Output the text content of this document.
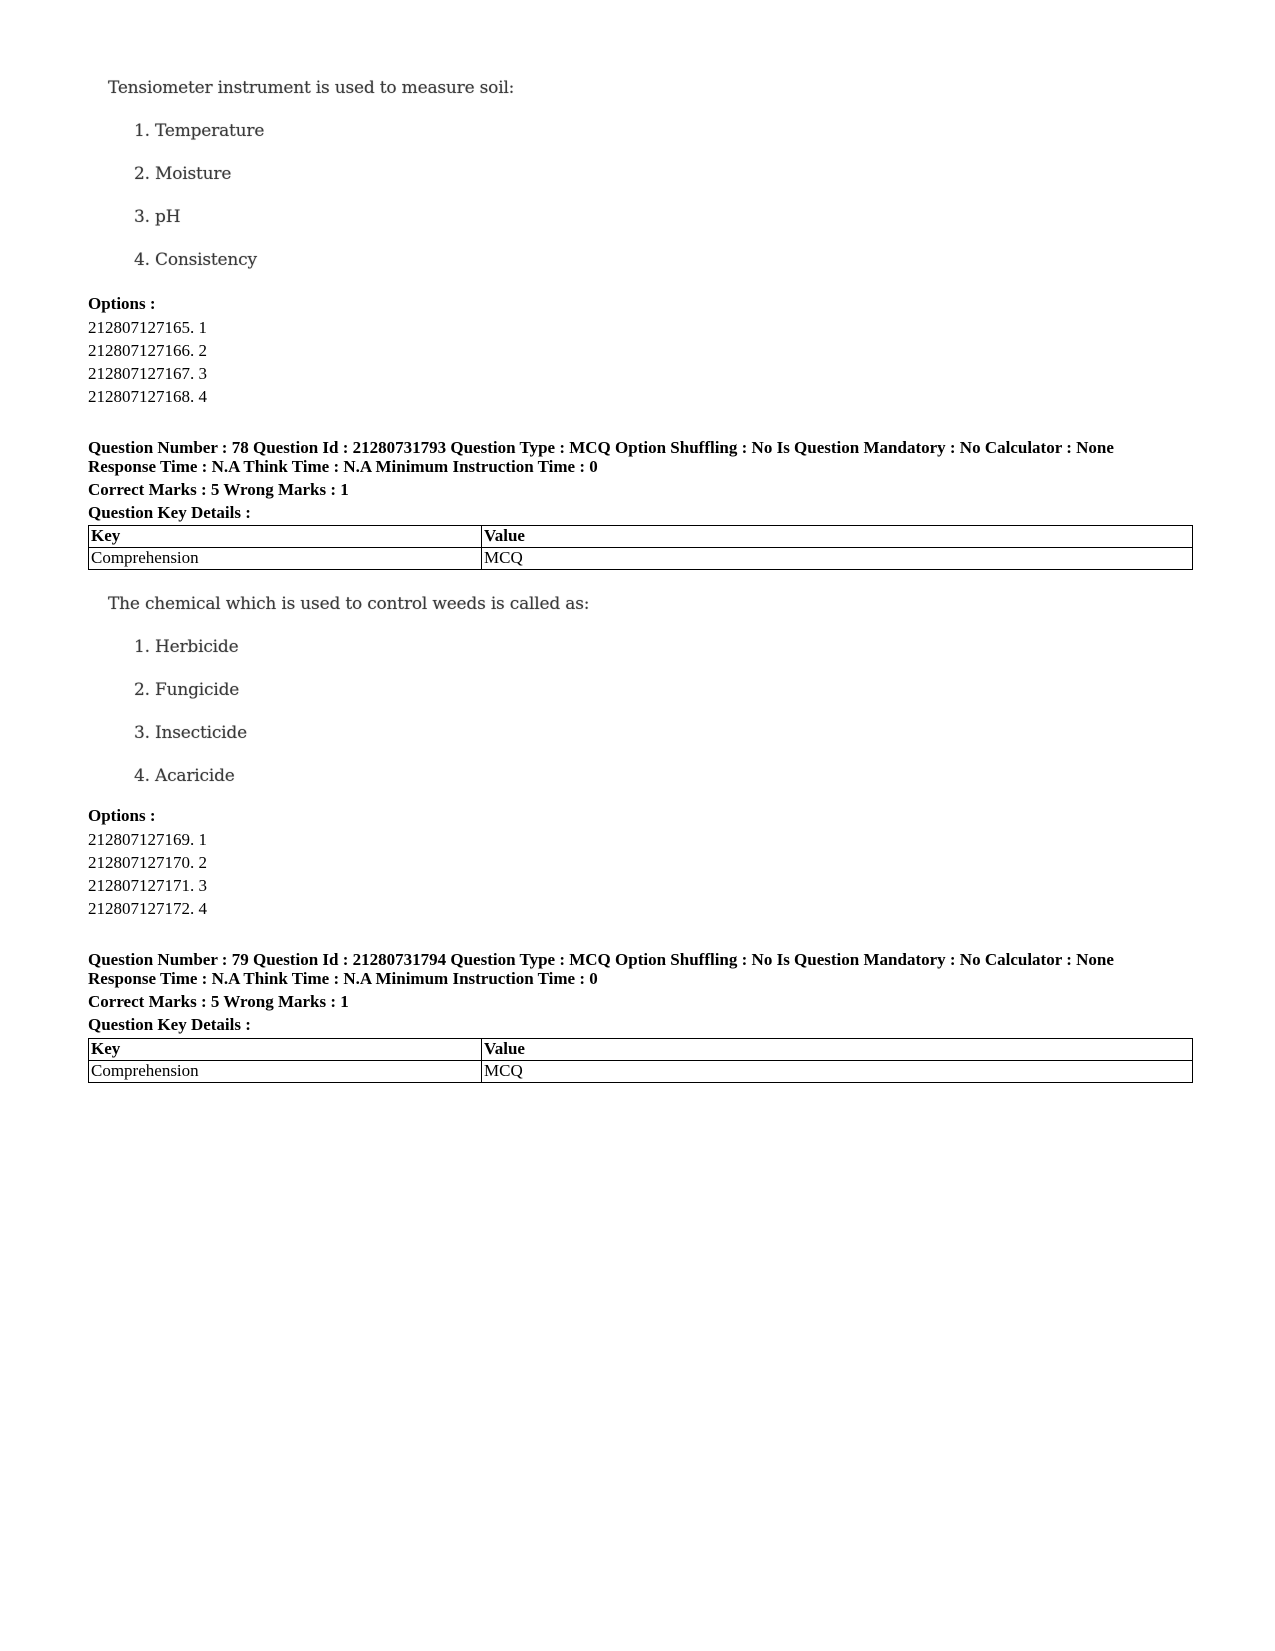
Tensiometer instrument is used to measure soil:
1. Temperature
2. Moisture
3. pH
4. Consistency
Options :
212807127165. 1
212807127166. 2
212807127167. 3
212807127168. 4
Question Number : 78 Question Id : 21280731793 Question Type : MCQ Option Shuffling : No Is Question Mandatory : No Calculator : None
Response Time : N.A Think Time : N.A Minimum Instruction Time : 0
Correct Marks : 5 Wrong Marks : 1
Question Key Details :
Key	Value
Comprehension	MCQ
The chemical which is used to control weeds is called as:
1. Herbicide
2. Fungicide
3. Insecticide
4. Acaricide
Options :
212807127169. 1
212807127170. 2
212807127171. 3
212807127172. 4
Question Number : 79 Question Id : 21280731794 Question Type : MCQ Option Shuffling : No Is Question Mandatory : No Calculator : None
Response Time : N.A Think Time : N.A Minimum Instruction Time : 0
Correct Marks : 5 Wrong Marks : 1
Question Key Details :
Key	Value
Comprehension	MCQ
